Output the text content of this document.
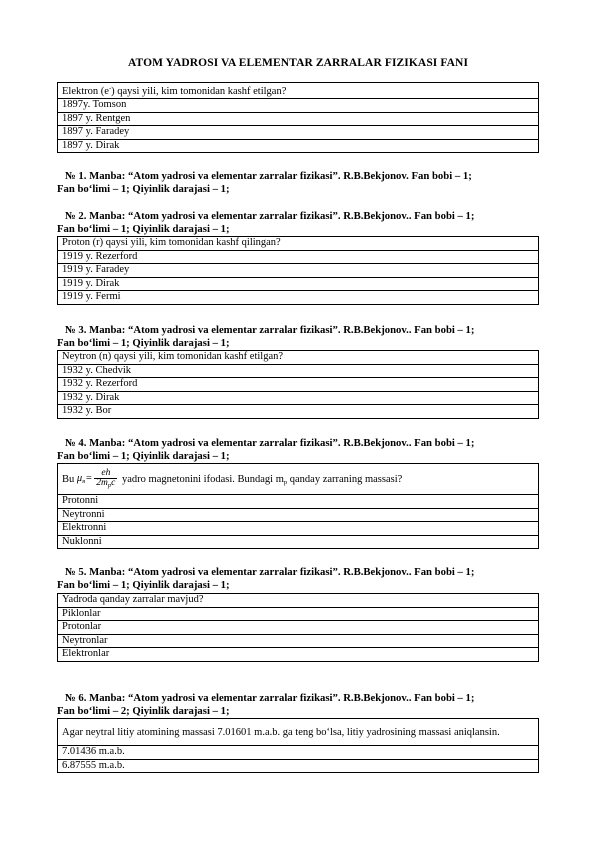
ATOM YADROSI VA ELEMENTAR ZARRALAR FIZIKASI FANI
Elektron (e-) qaysi yili, kim tomonidan kashf etilgan?
1897y. Tomson
1897 y. Rentgen
1897 y. Faradey
1897 y. Dirak
№ 1. Manba: “Atom yadrosi va elementar zarralar fizikasi”. R.B.Bekjonov. Fan bobi – 1;
Fan bo‘limi – 1; Qiyinlik darajasi – 1;
№ 2. Manba: “Atom yadrosi va elementar zarralar fizikasi”. R.B.Bekjonov.. Fan bobi – 1;
Fan bo‘limi – 1; Qiyinlik darajasi – 1;
Proton (r) qaysi yili, kim tomonidan kashf qilingan?
1919 y. Rezerford
1919 y. Faradey
1919 y. Dirak
1919 y. Fermi
№ 3. Manba: “Atom yadrosi va elementar zarralar fizikasi”. R.B.Bekjonov.. Fan bobi – 1;
Fan bo‘limi – 1; Qiyinlik darajasi – 1;
Neytron (n) qaysi yili, kim tomonidan kashf etilgan?
1932 y. Chedvik
1932 y. Rezerford
1932 y. Dirak
1932 y. Bor
№ 4. Manba: “Atom yadrosi va elementar zarralar fizikasi”. R.B.Bekjonov.. Fan bobi – 1;
Fan bo‘limi – 1; Qiyinlik darajasi – 1;
Bu $\mu_я= \frac{eh}{2m_pc}$ yadro magnetonini ifodasi. Bundagi $m_p$ qanday zarraning massasi?
Protonni
Neytronni
Elektronni
Nuklonni
№ 5. Manba: “Atom yadrosi va elementar zarralar fizikasi”. R.B.Bekjonov.. Fan bobi – 1;
Fan bo‘limi – 1; Qiyinlik darajasi – 1;
Yadroda qanday zarralar mavjud?
Piklonlar
Protonlar
Neytronlar
Elektronlar
№ 6. Manba: “Atom yadrosi va elementar zarralar fizikasi”. R.B.Bekjonov.. Fan bobi – 1;
Fan bo‘limi – 2; Qiyinlik darajasi – 1;
Agar neytral litiy atomining massasi 7.01601 m.a.b. ga teng bo‘lsa, litiy yadrosining massasi aniqlansin.
7.01436 m.a.b.
6.87555 m.a.b.
